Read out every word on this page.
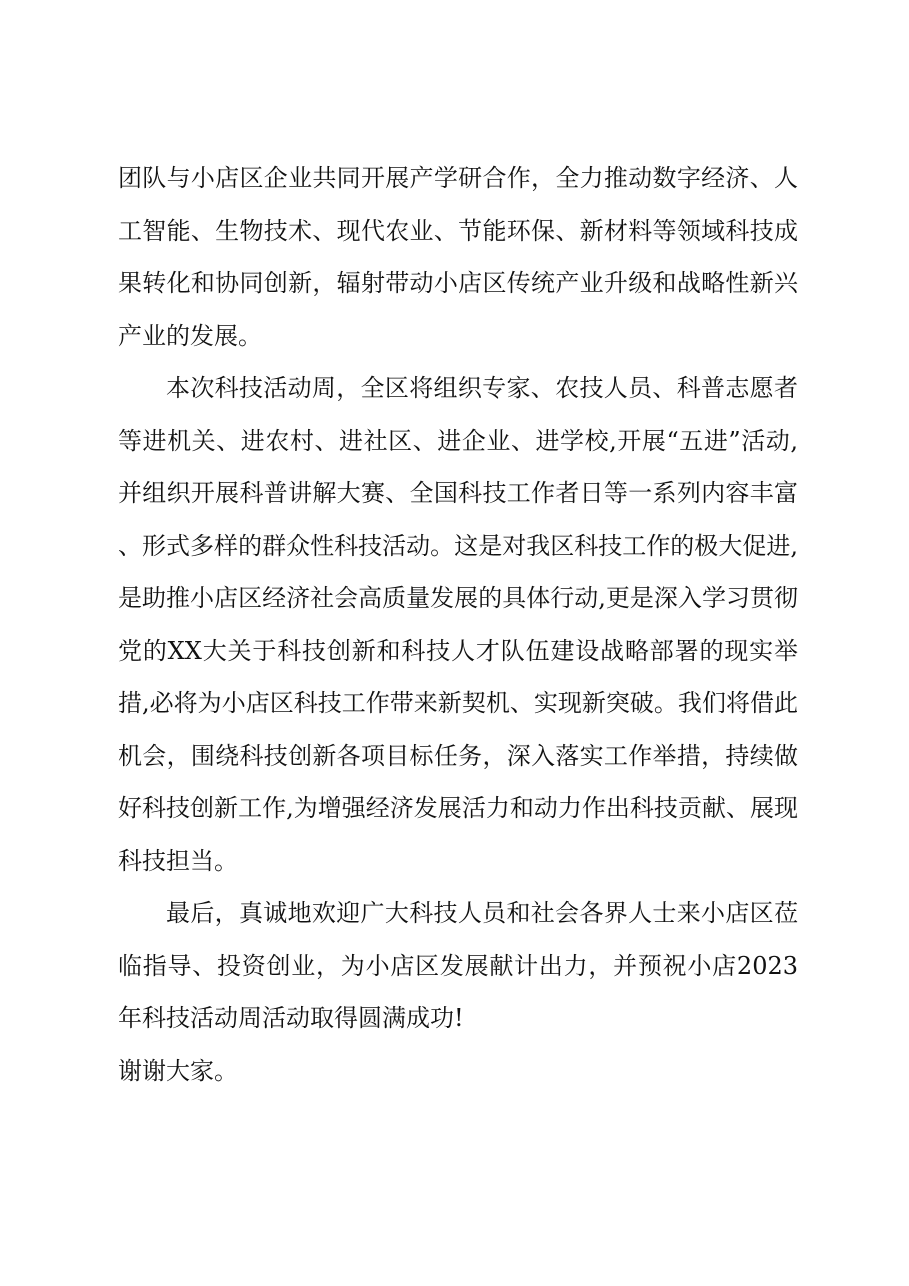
团队与小店区企业共同开展产学研合作，全力推动数字经济、人工智能、生物技术、现代农业、节能环保、新材料等领域科技成果转化和协同创新，辐射带动小店区传统产业升级和战略性新兴产业的发展。

本次科技活动周，全区将组织专家、农技人员、科普志愿者等进机关、进农村、进社区、进企业、进学校,开展“五进”活动,并组织开展科普讲解大赛、全国科技工作者日等一系列内容丰富、形式多样的群众性科技活动。这是对我区科技工作的极大促进,是助推小店区经济社会高质量发展的具体行动,更是深入学习贯彻党的XX大关于科技创新和科技人才队伍建设战略部署的现实举措,必将为小店区科技工作带来新契机、实现新突破。我们将借此机会，围绕科技创新各项目标任务，深入落实工作举措，持续做好科技创新工作,为增强经济发展活力和动力作出科技贡献、展现科技担当。

最后，真诚地欢迎广大科技人员和社会各界人士来小店区莅临指导、投资创业，为小店区发展献计出力，并预祝小店2023年科技活动周活动取得圆满成功!

谢谢大家。
